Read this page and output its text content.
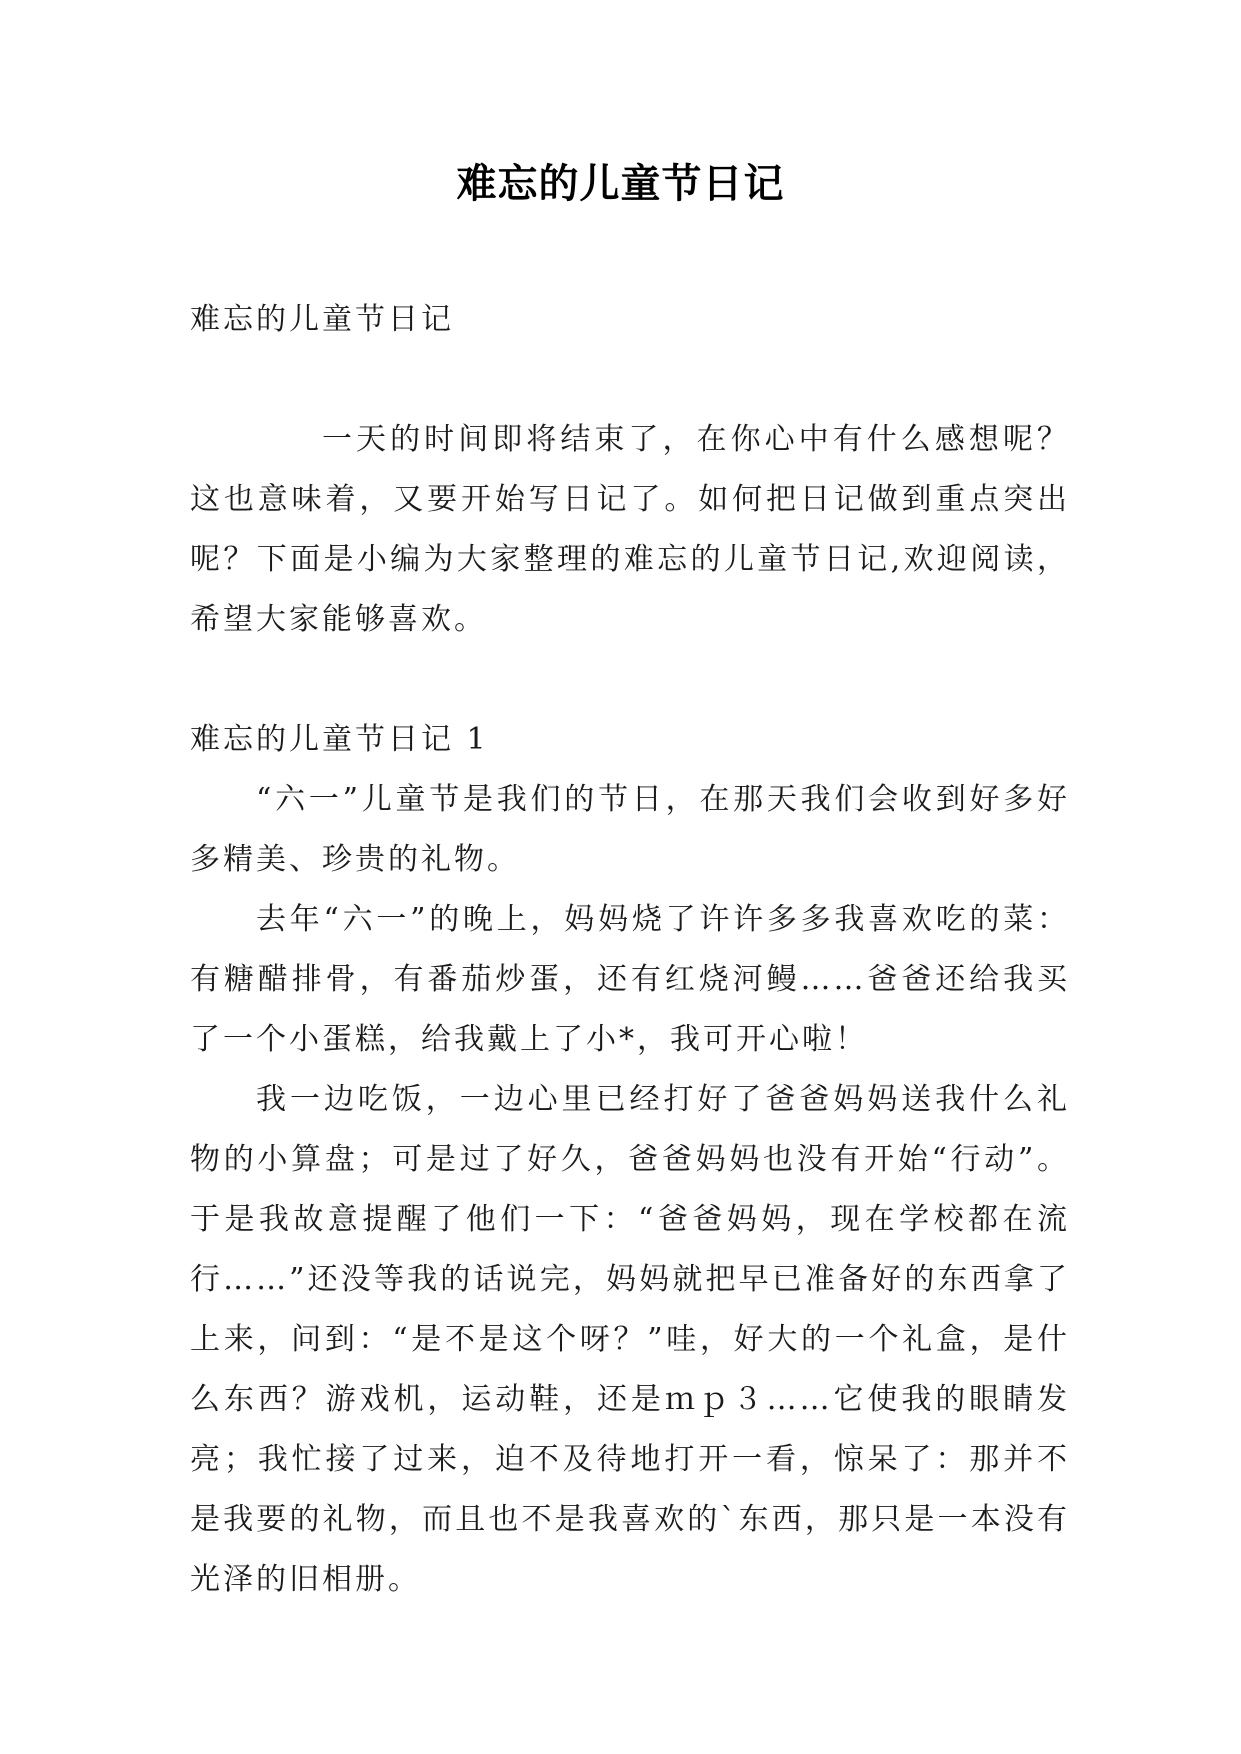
难忘的儿童节日记

难忘的儿童节日记

一天的时间即将结束了，在你心中有什么感想呢？这也意味着，又要开始写日记了。如何把日记做到重点突出呢？下面是小编为大家整理的难忘的儿童节日记,欢迎阅读，希望大家能够喜欢。

难忘的儿童节日记 1

“六一”儿童节是我们的节日，在那天我们会收到好多好多精美、珍贵的礼物。

去年“六一”的晚上，妈妈烧了许许多多我喜欢吃的菜：有糖醋排骨，有番茄炒蛋，还有红烧河鳗……爸爸还给我买了一个小蛋糕，给我戴上了小*，我可开心啦！

我一边吃饭，一边心里已经打好了爸爸妈妈送我什么礼物的小算盘；可是过了好久，爸爸妈妈也没有开始“行动”。于是我故意提醒了他们一下：“爸爸妈妈，现在学校都在流行……”还没等我的话说完，妈妈就把早已准备好的东西拿了上来，问到：“是不是这个呀？”哇，好大的一个礼盒，是什么东西？游戏机，运动鞋，还是ｍｐ３……它使我的眼睛发亮；我忙接了过来，迫不及待地打开一看，惊呆了：那并不是我要的礼物，而且也不是我喜欢的`东西，那只是一本没有光泽的旧相册。
